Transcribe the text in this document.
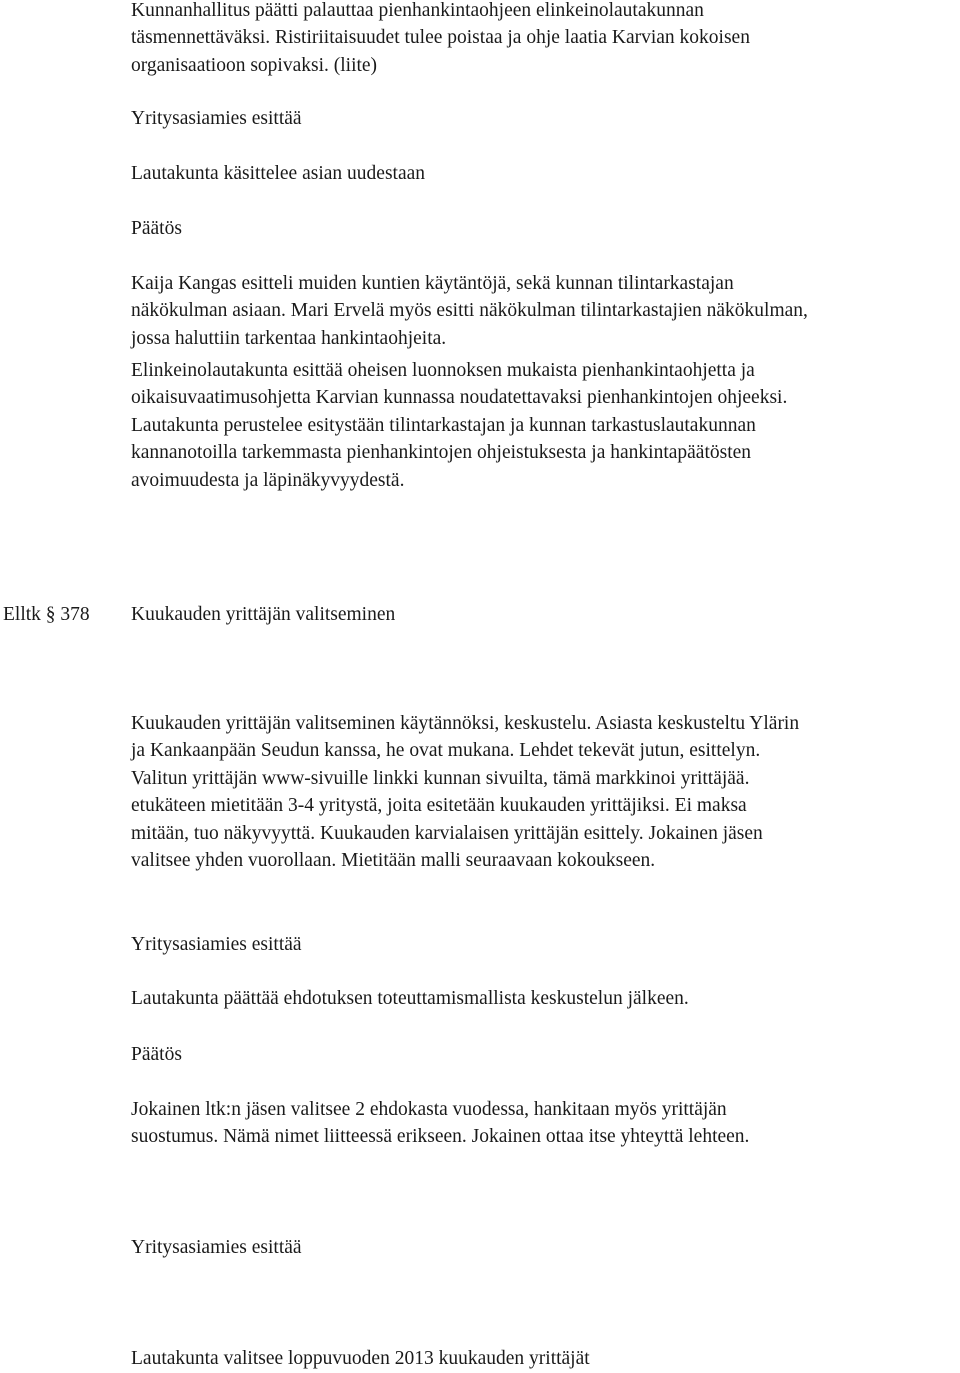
Kunnanhallitus päätti palauttaa pienhankintaohjeen elinkeinolautakunnan
täsmennettäväksi. Ristiriitaisuudet tulee poistaa ja ohje laatia Karvian kokoisen
organisaatioon sopivaksi. (liite)

Yritysasiamies esittää

Lautakunta käsittelee asian uudestaan

Päätös

Kaija Kangas esitteli muiden kuntien käytäntöjä, sekä kunnan tilintarkastajan
näkökulman asiaan. Mari Ervelä myös esitti näkökulman tilintarkastajien näkökulman,
jossa haluttiin tarkentaa hankintaohjeita.

Elinkeinolautakunta esittää oheisen luonnoksen mukaista pienhankintaohjetta ja
oikaisuvaatimusohjetta Karvian kunnassa noudatettavaksi pienhankintojen ohjeeksi.
Lautakunta perustelee esitystään tilintarkastajan ja kunnan tarkastuslautakunnan
kannanotoilla tarkemmasta pienhankintojen ohjeistuksesta ja hankintapäätösten
avoimuudesta ja läpinäkyvyydestä.

Elltk § 378 Kuukauden yrittäjän valitseminen

Kuukauden yrittäjän valitseminen käytännöksi, keskustelu. Asiasta keskusteltu Ylärin
ja Kankaanpään Seudun kanssa, he ovat mukana. Lehdet tekevät jutun, esittelyn.
Valitun yrittäjän www-sivuille linkki kunnan sivuilta, tämä markkinoi yrittäjää.
etukäteen mietitään 3-4 yritystä, joita esitetään kuukauden yrittäjiksi. Ei maksa
mitään, tuo näkyvyyttä. Kuukauden karvialaisen yrittäjän esittely. Jokainen jäsen
valitsee yhden vuorollaan. Mietitään malli seuraavaan kokoukseen.

Yritysasiamies esittää

Lautakunta päättää ehdotuksen toteuttamismallista keskustelun jälkeen.

Päätös

Jokainen ltk:n jäsen valitsee 2 ehdokasta vuodessa, hankitaan myös yrittäjän
suostumus. Nämä nimet liitteessä erikseen. Jokainen ottaa itse yhteyttä lehteen.

Yritysasiamies esittää

Lautakunta valitsee loppuvuoden 2013 kuukauden yrittäjät
